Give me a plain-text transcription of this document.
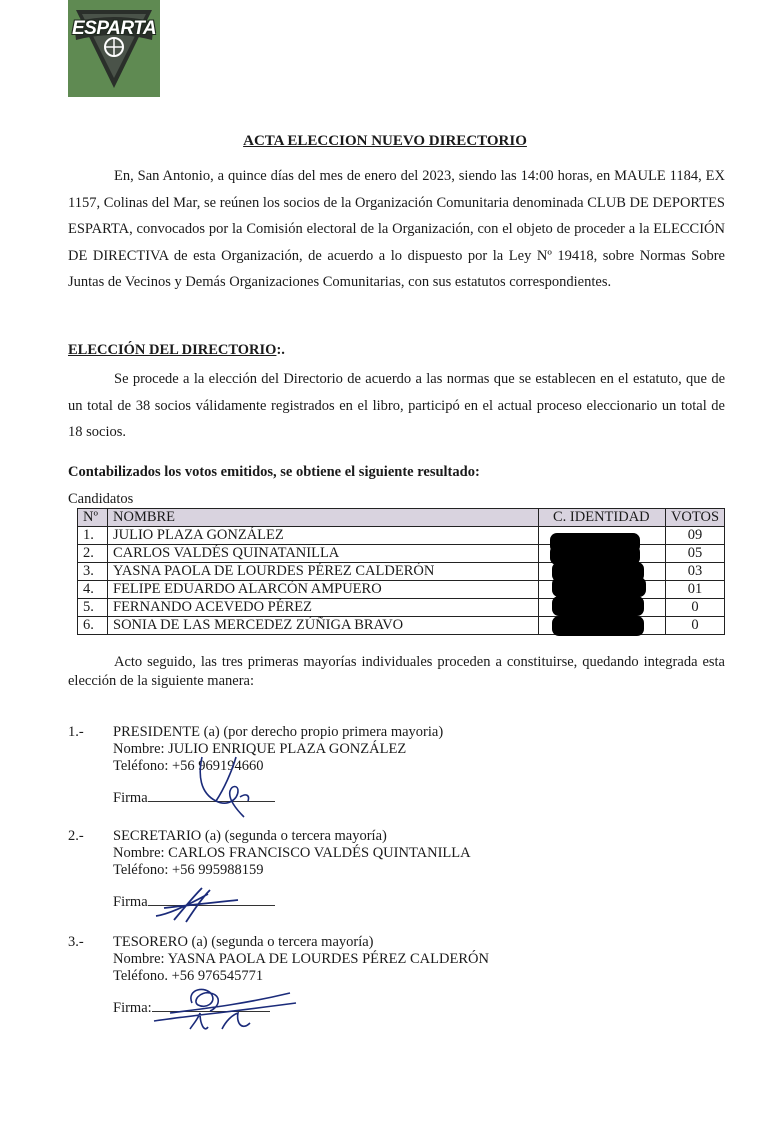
ESPARTA
ACTA ELECCION NUEVO DIRECTORIO
En, San Antonio, a quince días del mes de enero del 2023, siendo las 14:00 horas, en MAULE 1184, EX 1157, Colinas del Mar, se reúnen los socios de la Organización Comunitaria denominada CLUB DE DEPORTES ESPARTA, convocados por la Comisión electoral de la Organización, con el objeto de proceder a la ELECCIÓN DE DIRECTIVA de esta Organización, de acuerdo a lo dispuesto por la Ley Nº 19418, sobre Normas Sobre Juntas de Vecinos y Demás Organizaciones Comunitarias, con sus estatutos correspondientes.
ELECCIÓN DEL DIRECTORIO:.
Se procede a la elección del Directorio de acuerdo a las normas que se establecen en el estatuto, que de un total de 38 socios válidamente registrados en el libro, participó en el actual proceso eleccionario un total de 18 socios.
Contabilizados los votos emitidos, se obtiene el siguiente resultado:
Candidatos
Nº	NOMBRE	C. IDENTIDAD	VOTOS
1.	JULIO PLAZA GONZÁLEZ		09
2.	CARLOS VALDÉS QUINATANILLA		05
3.	YASNA PAOLA DE LOURDES PÉREZ CALDERÓN		03
4.	FELIPE EDUARDO ALARCÓN AMPUERO		01
5.	FERNANDO ACEVEDO PÉREZ		0
6.	SONIA DE LAS MERCEDEZ ZÚÑIGA BRAVO		0
Acto seguido, las tres primeras mayorías individuales proceden a constituirse, quedando integrada esta elección de la siguiente manera:
1.- PRESIDENTE (a) (por derecho propio primera mayoria)
Nombre: JULIO ENRIQUE PLAZA GONZÁLEZ
Teléfono: +56 969194660
Firma
2.- SECRETARIO (a) (segunda o tercera mayoría)
Nombre: CARLOS FRANCISCO VALDÉS QUINTANILLA
Teléfono: +56 995988159
Firma
3.- TESORERO (a) (segunda o tercera mayoría)
Nombre: YASNA PAOLA DE LOURDES PÉREZ CALDERÓN
Teléfono. +56 976545771
Firma:
